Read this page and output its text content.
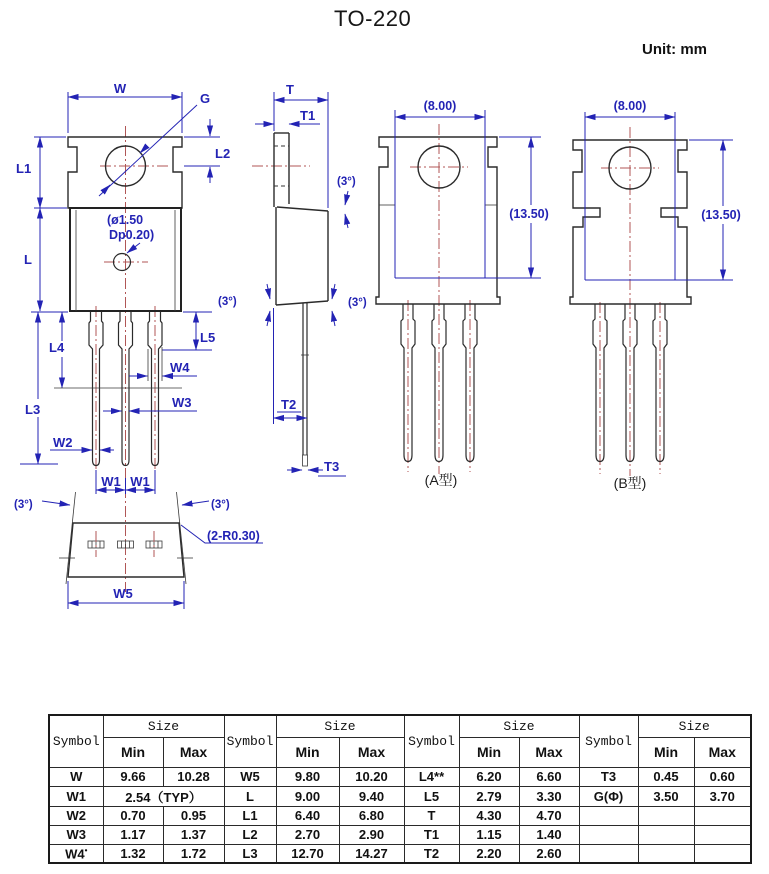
TO-220
Unit: mm
W
G
L1
L
L2
L3
L4
L5
W2
W3
W4
W1 W1
(ø1.50
Dp0.20)
(3°)	(3°)
(2-R0.30)
W5
T
T1
(3°)
(3°)	(3°)
T2
T3
(8.00)
(13.50)
(A型)
(8.00)
(13.50)
(B型)
Symbol	Size		Symbol	Size		Symbol	Size		Symbol	Size	
	Min	Max		Min	Max		Min	Max		Min	Max
W	9.66	10.28	W5	9.80	10.20	L4**	6.20	6.60	T3	0.45	0.60
W1	2.54（TYP）		L	9.00	9.40	L5	2.79	3.30	G(Φ)	3.50	3.70
W2	0.70	0.95	L1	6.40	6.80	T	4.30	4.70			
W3	1.17	1.37	L2	2.70	2.90	T1	1.15	1.40			
W4•	1.32	1.72	L3	12.70	14.27	T2	2.20	2.60			
